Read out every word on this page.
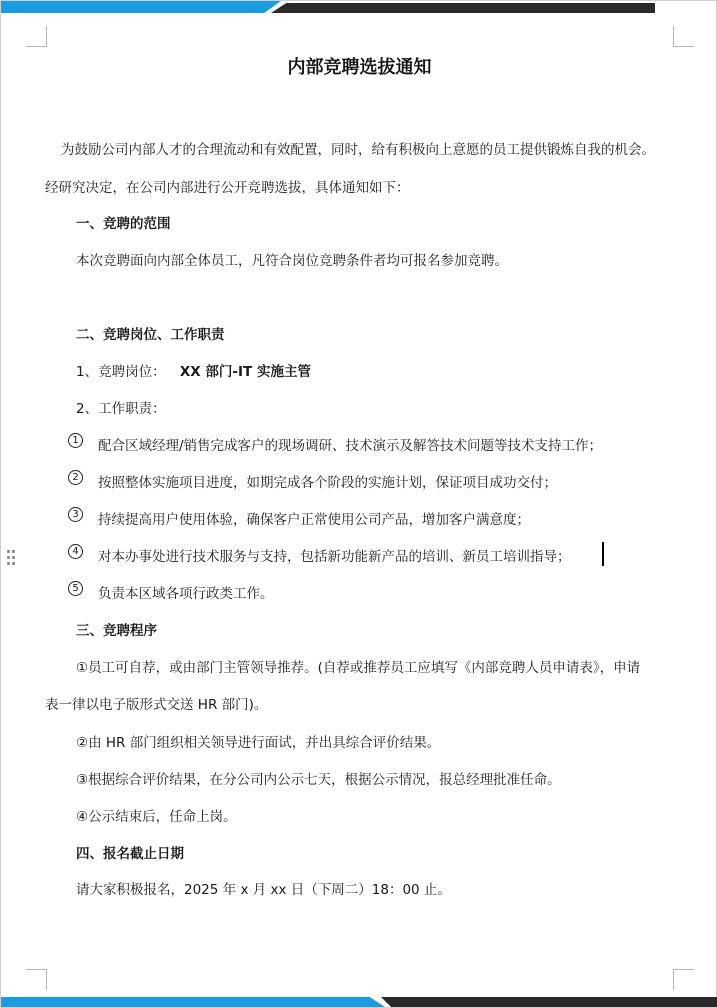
内部竞聘选拔通知
为鼓励公司内部人才的合理流动和有效配置，同时，给有积极向上意愿的员工提供锻炼自我的机会。
经研究决定，在公司内部进行公开竞聘选拔，具体通知如下：
一、竞聘的范围
本次竞聘面向内部全体员工，凡符合岗位竞聘条件者均可报名参加竞聘。
二、竞聘岗位、工作职责
1、竞聘岗位： XX 部门-IT 实施主管
2、工作职责：
1	配合区域经理/销售完成客户的现场调研、技术演示及解答技术问题等技术支持工作；
2	按照整体实施项目进度，如期完成各个阶段的实施计划，保证项目成功交付；
3	持续提高用户使用体验，确保客户正常使用公司产品，增加客户满意度；
4	对本办事处进行技术服务与支持，包括新功能新产品的培训、新员工培训指导；
5	负责本区域各项行政类工作。
三、竞聘程序
①员工可自荐，或由部门主管领导推荐。(自荐或推荐员工应填写《内部竞聘人员申请表》，申请
表一律以电子版形式交送 HR 部门)。
②由 HR 部门组织相关领导进行面试，并出具综合评价结果。
③根据综合评价结果，在分公司内公示七天，根据公示情况，报总经理批准任命。
④公示结束后，任命上岗。
四、报名截止日期
请大家积极报名，2025 年 x 月 xx 日（下周二）18：00 止。
